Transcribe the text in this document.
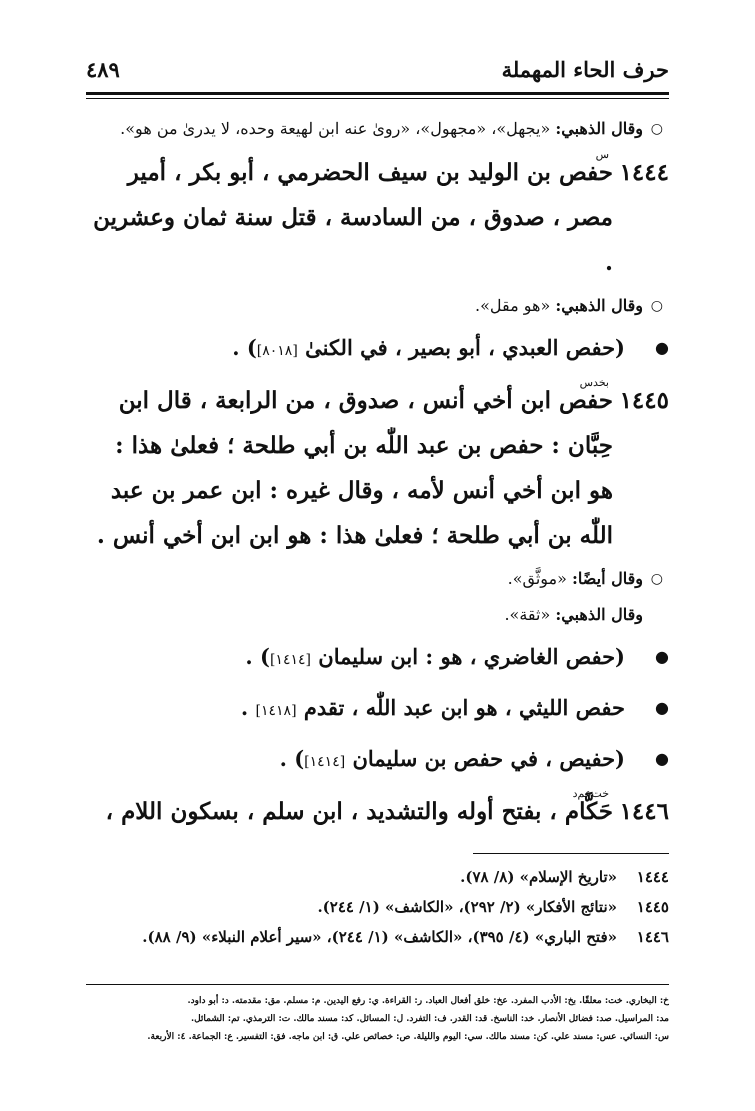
حرف الحاء المهملة
٤٨٩
○
وقال الذهبي: «يجهل»، «مجهول»، «روىٰ عنه ابن لهيعة وحده، لا يدرىٰ من هو».
١٤٤٤
س
حفص بن الوليد بن سيف الحضرمي ، أبو بكر ، أمير مصر ، صدوق ، من السادسة ، قتل سنة ثمان وعشرين .
○
وقال الذهبي: «هو مقل».
●
(حفص العبدي ، أبو بصير ، في الكنىٰ [٨٠١٨]) .
١٤٤٥
بخدس
حفص ابن أخي أنس ، صدوق ، من الرابعة ، قال ابن حِبَّان : حفص بن عبد اللّٰه بن أبي طلحة ؛ فعلىٰ هذا : هو ابن أخي أنس لأمه ، وقال غيره : ابن عمر بن عبد اللّٰه بن أبي طلحة ؛ فعلىٰ هذا : هو ابن ابن أخي أنس .
○
وقال أيضًا: «موثَّق».
وقال الذهبي: «ثقة».
●
(حفص الغاضري ، هو : ابن سليمان [١٤١٤]) .
●
حفص الليثي ، هو ابن عبد اللّٰه ، تقدم [١٤١٨] .
●
(حفيص ، في حفص بن سليمان [١٤١٤]) .
١٤٤٦
خت‌عم‌د
حَكَّام ، بفتح أوله والتشديد ، ابن سلم ، بسكون اللام ،
١٤٤٤
«تاريخ الإسلام» (٨/ ٧٨).
١٤٤٥
«نتائج الأفكار» (٢/ ٢٩٢)، «الكاشف» (١/ ٢٤٤).
١٤٤٦
«فتح الباري» (٤/ ٣٩٥)، «الكاشف» (١/ ٢٤٤)، «سير أعلام النبلاء» (٩/ ٨٨).
خ: البخاري. خت: معلقًا. بخ: الأدب المفرد. عخ: خلق أفعال العباد. ر: القراءة. ي: رفع اليدين. م: مسلم. مق: مقدمته. د: أبو داود.
مد: المراسيل. صد: فضائل الأنصار. خد: الناسخ. قد: القدر. ف: التفرد. ل: المسائل. كد: مسند مالك. ت: الترمذي. تم: الشمائل.
س: النسائي. عس: مسند علي. كن: مسند مالك. سي: اليوم والليلة. ص: خصائص علي. ق: ابن ماجه. فق: التفسير. ع: الجماعة. ٤: الأربعة.
